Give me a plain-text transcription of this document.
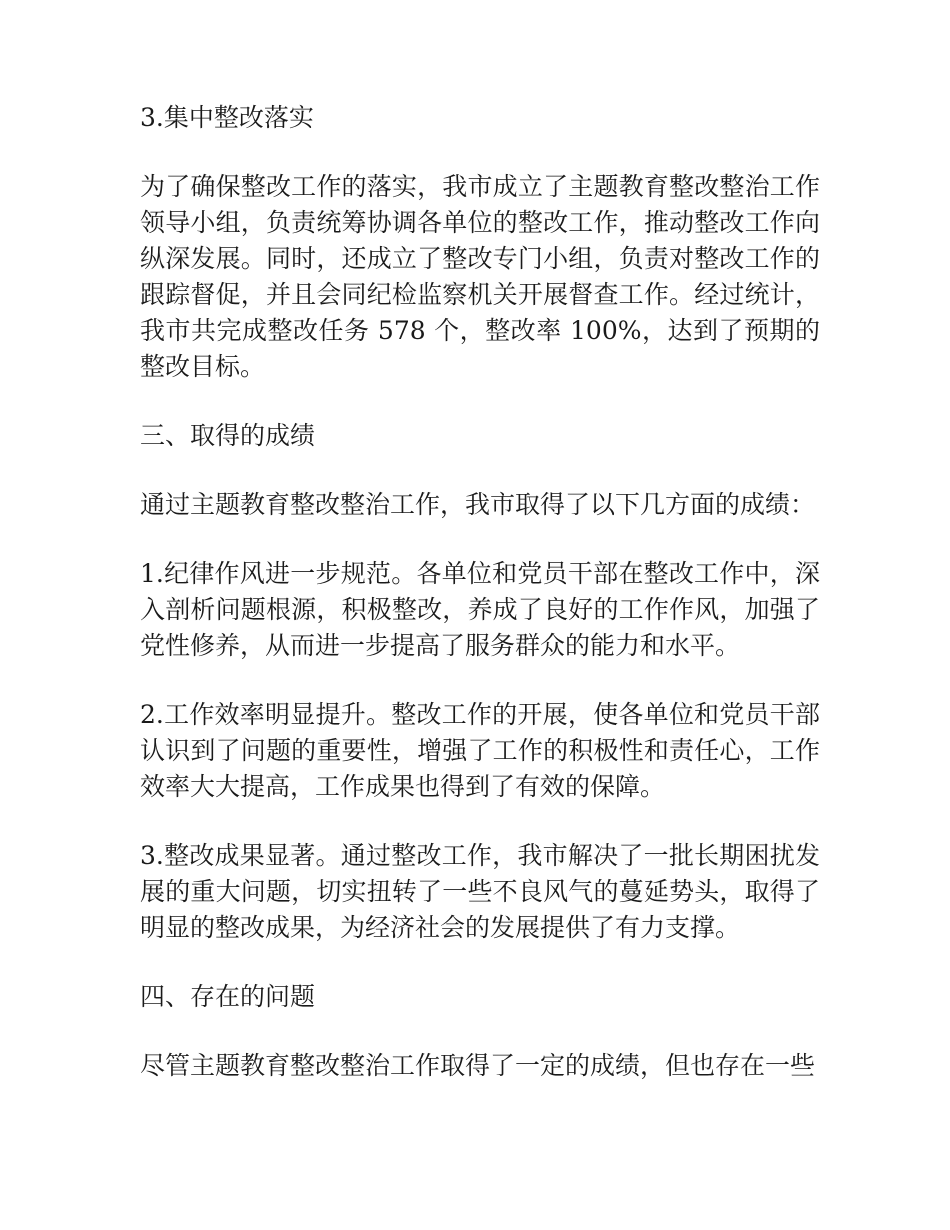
3.集中整改落实

为了确保整改工作的落实，我市成立了主题教育整改整治工作领导小组，负责统筹协调各单位的整改工作，推动整改工作向纵深发展。同时，还成立了整改专门小组，负责对整改工作的跟踪督促，并且会同纪检监察机关开展督查工作。经过统计，我市共完成整改任务 578 个，整改率 100%，达到了预期的整改目标。

三、取得的成绩

通过主题教育整改整治工作，我市取得了以下几方面的成绩：

1.纪律作风进一步规范。各单位和党员干部在整改工作中，深入剖析问题根源，积极整改，养成了良好的工作作风，加强了党性修养，从而进一步提高了服务群众的能力和水平。

2.工作效率明显提升。整改工作的开展，使各单位和党员干部认识到了问题的重要性，增强了工作的积极性和责任心，工作效率大大提高，工作成果也得到了有效的保障。

3.整改成果显著。通过整改工作，我市解决了一批长期困扰发展的重大问题，切实扭转了一些不良风气的蔓延势头，取得了明显的整改成果，为经济社会的发展提供了有力支撑。

四、存在的问题

尽管主题教育整改整治工作取得了一定的成绩，但也存在一些
